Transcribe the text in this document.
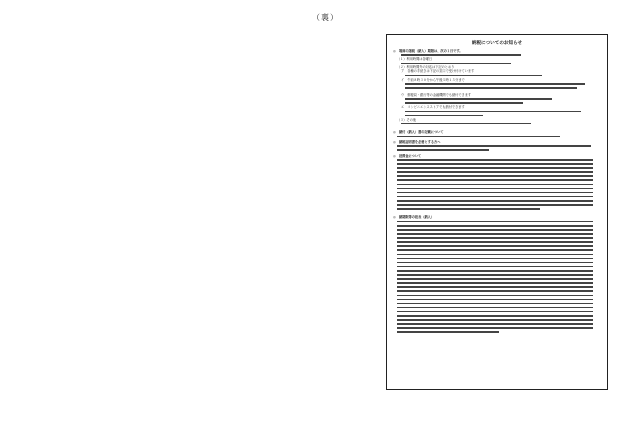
（裏）
納税についてのお知らせ
◎　場面の諸税（納入）期限は、次の１日です。
（１）利用時間は各曜日
（２）利用時間外の対応は下記のとおり
ア　各種の手続きは下記の窓口で受け付けています
イ　午前８時３０分から午後５時１５分まで
ウ　郵便局・銀行等の金融機関でも納付できます
エ　コンビニエンスストアでも納付できます
（３）その他
◎　納付（納入）書の記載について
◎　納税証明書を必要とする方へ
◎　延滞金について
◎　納期限等の延長（納入）
